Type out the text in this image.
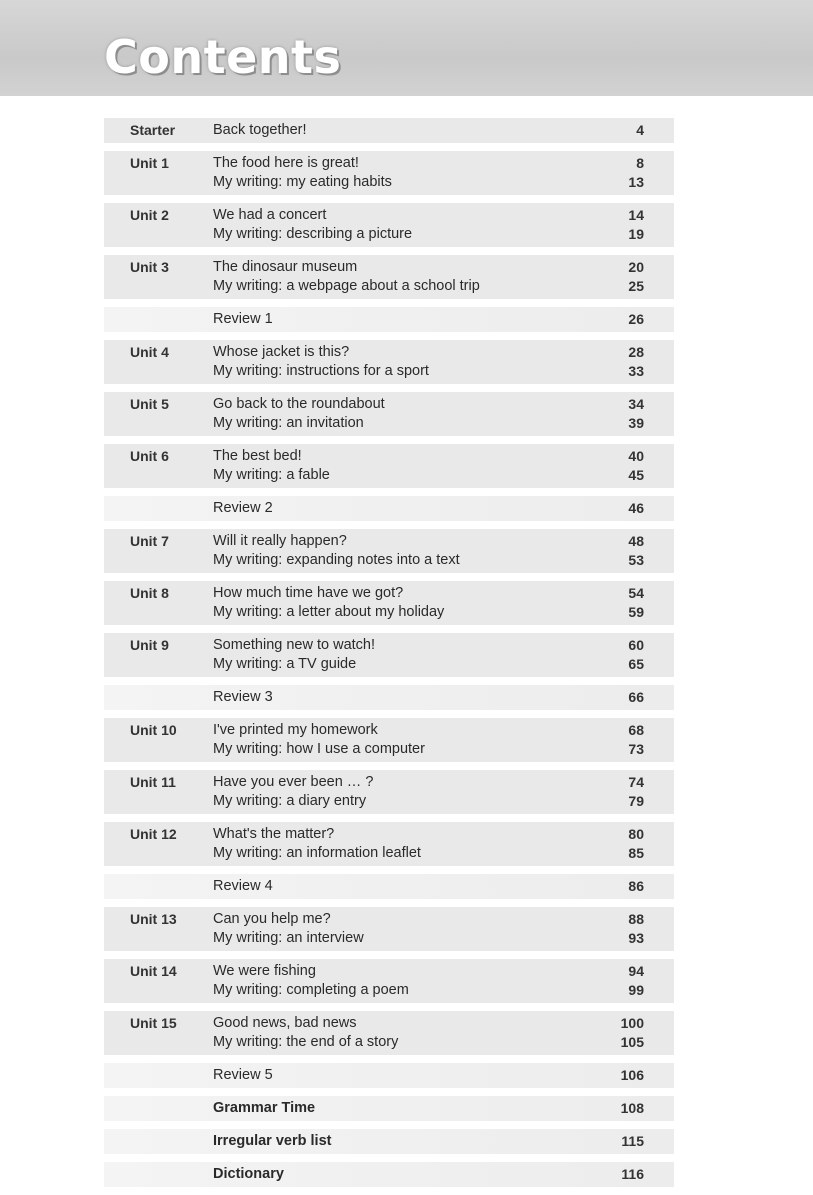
Contents
Starter	Back together!	4
Unit 1	The food here is great!	8
My writing: my eating habits	13
Unit 2	We had a concert	14
My writing: describing a picture	19
Unit 3	The dinosaur museum	20
My writing: a webpage about a school trip	25
Review 1	26
Unit 4	Whose jacket is this?	28
My writing: instructions for a sport	33
Unit 5	Go back to the roundabout	34
My writing: an invitation	39
Unit 6	The best bed!	40
My writing: a fable	45
Review 2	46
Unit 7	Will it really happen?	48
My writing: expanding notes into a text	53
Unit 8	How much time have we got?	54
My writing: a letter about my holiday	59
Unit 9	Something new to watch!	60
My writing: a TV guide	65
Review 3	66
Unit 10	I've printed my homework	68
My writing: how I use a computer	73
Unit 11	Have you ever been … ?	74
My writing: a diary entry	79
Unit 12	What's the matter?	80
My writing: an information leaflet	85
Review 4	86
Unit 13	Can you help me?	88
My writing: an interview	93
Unit 14	We were fishing	94
My writing: completing a poem	99
Unit 15	Good news, bad news	100
My writing: the end of a story	105
Review 5	106
Grammar Time	108
Irregular verb list	115
Dictionary	116
